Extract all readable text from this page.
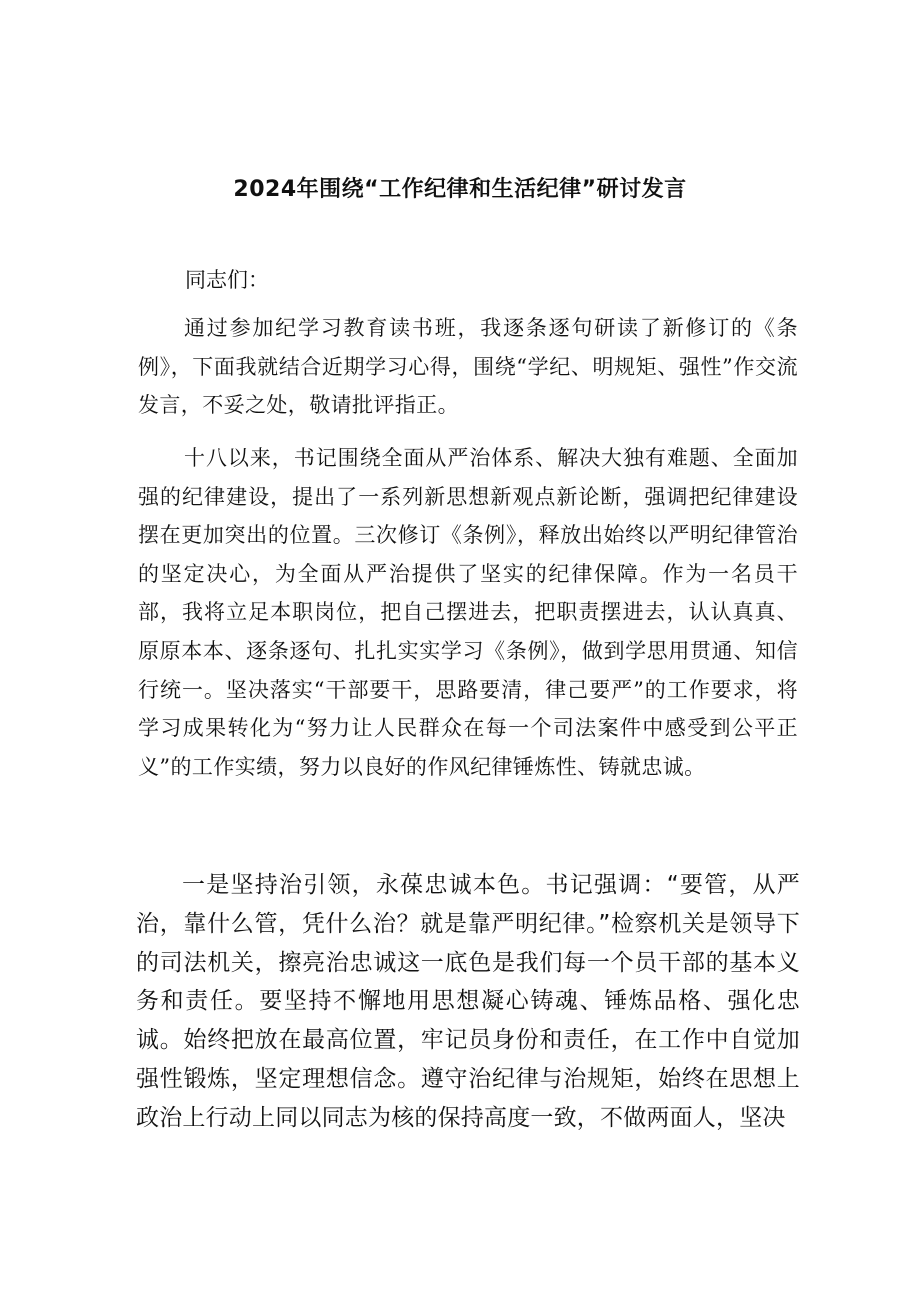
2024年围绕“工作纪律和生活纪律”研讨发言
同志们：

通过参加纪学习教育读书班，我逐条逐句研读了新修订的《条例》，下面我就结合近期学习心得，围绕“学纪、明规矩、强性”作交流发言，不妥之处，敬请批评指正。

十八以来，书记围绕全面从严治体系、解决大独有难题、全面加强的纪律建设，提出了一系列新思想新观点新论断，强调把纪律建设摆在更加突出的位置。三次修订《条例》，释放出始终以严明纪律管治的坚定决心，为全面从严治提供了坚实的纪律保障。作为一名员干部，我将立足本职岗位，把自己摆进去，把职责摆进去，认认真真、原原本本、逐条逐句、扎扎实实学习《条例》，做到学思用贯通、知信行统一。坚决落实“干部要干，思路要清，律己要严”的工作要求，将学习成果转化为“努力让人民群众在每一个司法案件中感受到公平正义”的工作实绩，努力以良好的作风纪律锤炼性、铸就忠诚。

一是坚持治引领，永葆忠诚本色。书记强调：“要管，从严治，靠什么管，凭什么治？就是靠严明纪律。”检察机关是领导下的司法机关，擦亮治忠诚这一底色是我们每一个员干部的基本义务和责任。要坚持不懈地用思想凝心铸魂、锤炼品格、强化忠诚。始终把放在最高位置，牢记员身份和责任，在工作中自觉加强性锻炼，坚定理想信念。遵守治纪律与治规矩，始终在思想上政治上行动上同以同志为核的保持高度一致，不做两面人，坚决
